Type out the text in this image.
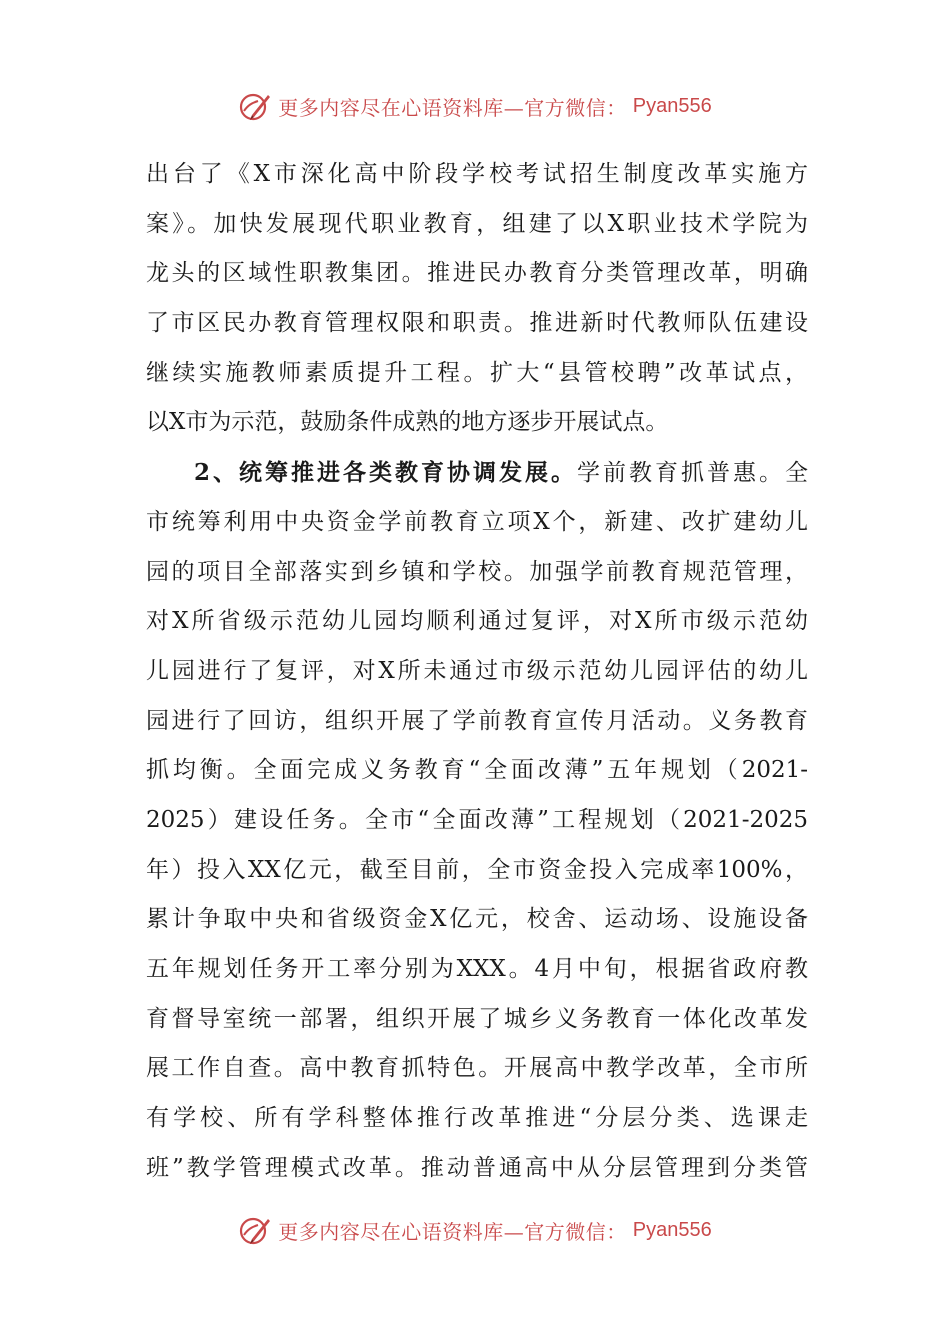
更多内容尽在心语资料库—官方微信： Pyan556
出台了《X市深化高中阶段学校考试招生制度改革实施方
案》。加快发展现代职业教育，组建了以X职业技术学院为
龙头的区域性职教集团。推进民办教育分类管理改革，明确
了市区民办教育管理权限和职责。推进新时代教师队伍建设
继续实施教师素质提升工程。扩大“县管校聘”改革试点，
以X市为示范，鼓励条件成熟的地方逐步开展试点。
2、统筹推进各类教育协调发展。学前教育抓普惠。全
市统筹利用中央资金学前教育立项X个，新建、改扩建幼儿
园的项目全部落实到乡镇和学校。加强学前教育规范管理，
对X所省级示范幼儿园均顺利通过复评，对X所市级示范幼
儿园进行了复评，对X所未通过市级示范幼儿园评估的幼儿
园进行了回访，组织开展了学前教育宣传月活动。义务教育
抓均衡。全面完成义务教育“全面改薄”五年规划（2021-
2025）建设任务。全市“全面改薄”工程规划（2021-2025
年）投入XX亿元，截至目前，全市资金投入完成率100%，
累计争取中央和省级资金X亿元，校舍、运动场、设施设备
五年规划任务开工率分别为XXX。4月中旬，根据省政府教
育督导室统一部署，组织开展了城乡义务教育一体化改革发
展工作自查。高中教育抓特色。开展高中教学改革，全市所
有学校、所有学科整体推行改革推进“分层分类、选课走
班”教学管理模式改革。推动普通高中从分层管理到分类管
更多内容尽在心语资料库—官方微信： Pyan556
